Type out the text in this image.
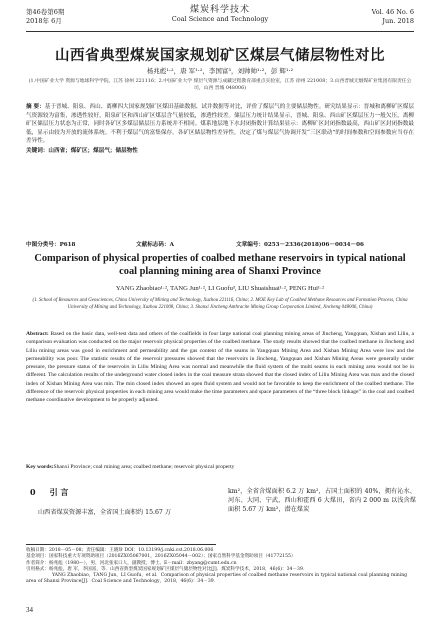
第46卷第6期
2018年 6月
煤炭科学技术
Coal Science and Technology
Vol. 46 No. 6
Jun. 2018
山西省典型煤炭国家规划矿区煤层气储层物性对比
杨兆彪¹·²，唐 军¹·²，李国富³，刘帅帅¹·²，彭 辉¹·²
(1.中国矿业大学 资源与地球科学学院，江苏 徐州 221116；2.中国矿业大学 煤层气资源与成藏过程教育部重点实验室，江苏 徐州 221008；3.山西晋城无烟煤矿业集团有限责任公司，山西 晋城 048006)
摘 要：基于晋城、阳泉、西山、离柳四大国家规划矿区煤田基础数据、试井数据等对比，评价了煤层气的主要储层物性。研究结果显示：晋城和离柳矿区煤层气资源较为富集，渗透性较好，阳泉矿区和西山矿区煤层含气量较低，渗透性较差。储层压力统计结果显示，晋城、阳泉、西山矿区煤层压力一般欠压，离柳矿区储层压力状态为正常，同时各矿区多煤层储层压力系统并不相同。煤系地层地下水封闭指数计算结果显示：离柳矿区封闭指数最高，西山矿区封闭指数最低，显示由较为开放的流体系统。不利于煤层气的富集保存。各矿区储层物性差异性，决定了煤与煤层气协调开发“三区联动”的时间参数和空间参数应当存在差异性。
关键词：山西省；煤矿区；煤层气；储层物性
中图分类号：P618	文献标志码：A	文章编号：0253－2336(2018)06－0034－06
Comparison of physical properties of coalbed methane reservoirs in typical national coal planning mining area of Shanxi Province
YANG Zhaobiao¹·², TANG Jun¹·², LI Guofu³, LIU Shuaishuai¹·², PENG Hui¹·²
(1. School of Resources and Geosciences, China University of Mining and Technology, Xuzhou 221116, China; 2. MOE Key Lab of Coalbed Methane Resources and Formation Process, China University of Mining and Technology, Xuzhou 221008, China; 3. Shanxi Jincheng Anthracite Mining Group Corporation Limited, Jincheng 048006, China)
Abstract: Based on the basic data, well-test data and others of the coalfields in four large national coal planning mining areas of Jincheng, Yangquan, Xishan and Liliu, a comparison evaluation was conducted on the major reservoir physical properties of the coalbed methane. The study results showed that the coalbed methane in Jincheng and Liliu mining areas was good in enrichment and permeability and the gas content of the seams in Yangquan Mining Area and Xishan Mining Area were low and the permeability was poor. The statistic results of the reservoir pressures showed that the reservoirs in Jincheng, Yangquan and Xishan Mining Areas were generally under pressure, the pressure status of the reservoirs in Liliu Mining Area was normal and meanwhile the fluid system of the multi seams in each mining area would not be in different. The calculation results of the underground water closed index in the coal measure strata showed that the closed index of Liliu Mining Area was max and the closed index of Xishan Mining Area was min. The min closed index showed an open fluid system and would not be favorable to keep the enrichment of the coalbed methane. The difference of the reservoir physical properties in each mining area would make the time parameters and space parameters of the “three block linkage” in the coal and coalbed methane coordinative development to be properly adjusted.
Key words:Shanxi Province; coal mining area; coalbed methane; reservoir physical property
0 引 言
山西省煤炭资源丰富，全省国土面积约 15.67 万
km²，全省含煤面积 6.2 万 km²，占国土面积的 40%，拥有沁水、河东、大同、宁武、西山和霍西 6 大煤田，省内 2 000 m 以浅含煤面积 5.67 万 km²，潜在煤炭
收稿日期：2018－05－08；责任编辑：王晓珍 DOI：10.13199/j.cnki.cst.2018.06.006
基金项目：国家科技重大专项资助项目（2016ZX05067001，2016ZX05044－002）；国家自然科学基金资助项目（41772155）
作者简介：杨兆彪（1980—），男，河北张家口人，副教授，博士。E－mail：zbyang@cumt.edu.cn
引用格式：杨兆彪，唐 军，李国富，等．山西省典型煤炭国家规划矿区煤层气储层物性对比[J]．煤炭科学技术，2018，46(6)：34－39．
YANG Zhaobiao，TANG Jun，LI Guofu，et al．Comparison of physical properties of coalbed methane reservoirs in typical national coal planning mining area of Shanxi Province[J]．Coal Science and Technology，2018，46(6)：34－39．
34
